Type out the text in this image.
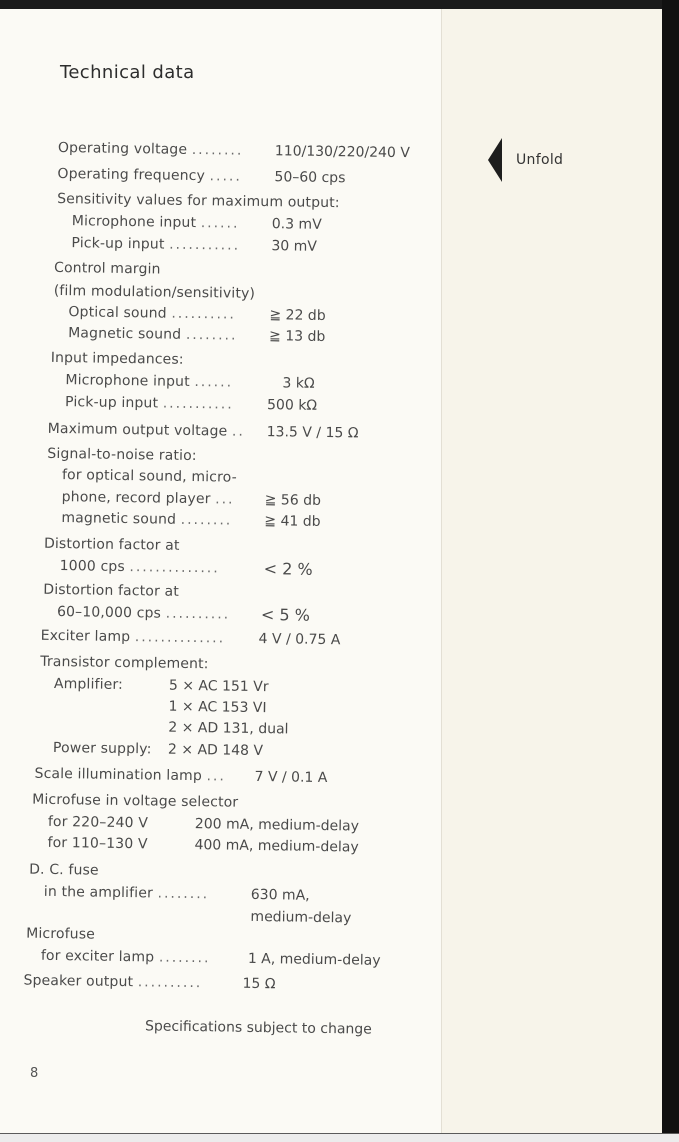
Technical data
Operating voltage ........ 110/130/220/240 V
Operating frequency ..... 50–60 cps
Sensitivity values for maximum output:
Microphone input ...... 0.3 mV
Pick-up input ........... 30 mV
Control margin
(film modulation/sensitivity)
Optical sound .......... ≧ 22 db
Magnetic sound ........ ≧ 13 db
Input impedances:
Microphone input ......	3 kΩ
Pick-up input ........... 500 kΩ
Maximum output voltage .. 13.5 V / 15 Ω
Signal-to-noise ratio:
for optical sound, micro-
phone, record player ... ≧ 56 db
magnetic sound ........ ≧ 41 db
Distortion factor at
1000 cps ..............	< 2 %
Distortion factor at
60–10,000 cps .......... < 5 %
Exciter lamp .............. 4 V / 0.75 A
Transistor complement:
Amplifier:	5 × AC 151 Vr
1 × AC 153 VI
2 × AD 131, dual
Power supply: 2 × AD 148 V
Scale illumination lamp ... 7 V / 0.1 A
Microfuse in voltage selector
for 220–240 V	200 mA, medium-delay
for 110–130 V	400 mA, medium-delay
D. C. fuse
in the amplifier ........	630 mA,
medium-delay
Microfuse
for exciter lamp ........	1 A, medium-delay
Speaker output ..........	15 Ω
Specifications subject to change
8
Unfold
